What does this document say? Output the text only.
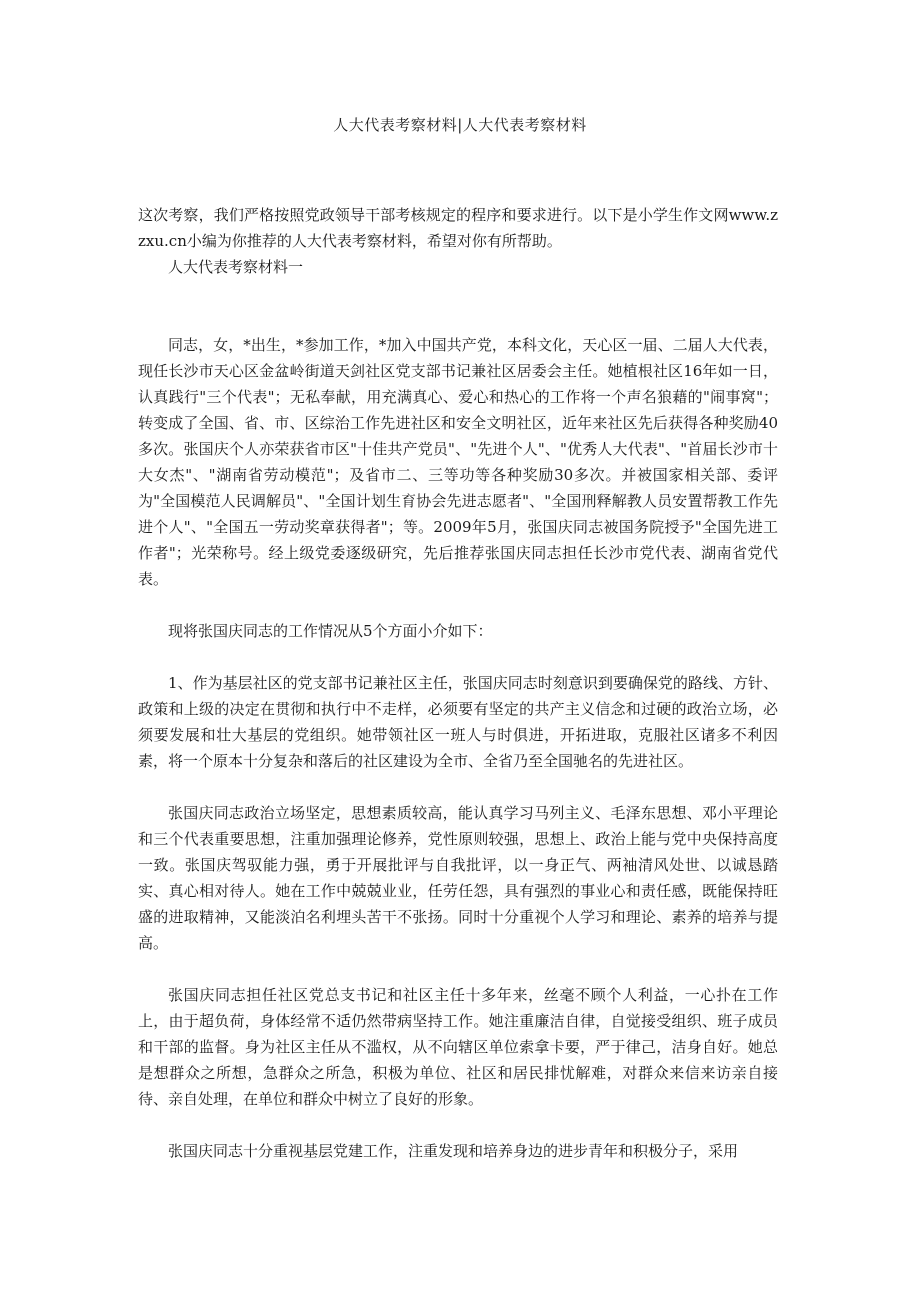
人大代表考察材料|人大代表考察材料

这次考察，我们严格按照党政领导干部考核规定的程序和要求进行。以下是小学生作文网www.zzxu.cn小编为你推荐的人大代表考察材料，希望对你有所帮助。

人大代表考察材料一

同志，女，*出生，*参加工作，*加入中国共产党，本科文化，天心区一届、二届人大代表，现任长沙市天心区金盆岭街道天剑社区党支部书记兼社区居委会主任。她植根社区16年如一日，认真践行"三个代表"；无私奉献，用充满真心、爱心和热心的工作将一个声名狼藉的"闹事窝"；转变成了全国、省、市、区综治工作先进社区和安全文明社区，近年来社区先后获得各种奖励40多次。张国庆个人亦荣获省市区"十佳共产党员"、"先进个人"、"优秀人大代表"、"首届长沙市十大女杰"、"湖南省劳动模范"；及省市二、三等功等各种奖励30多次。并被国家相关部、委评为"全国模范人民调解员"、"全国计划生育协会先进志愿者"、"全国刑释解教人员安置帮教工作先进个人"、"全国五一劳动奖章获得者"；等。2009年5月，张国庆同志被国务院授予"全国先进工作者"；光荣称号。经上级党委逐级研究，先后推荐张国庆同志担任长沙市党代表、湖南省党代表。

现将张国庆同志的工作情况从5个方面小介如下：

1、作为基层社区的党支部书记兼社区主任，张国庆同志时刻意识到要确保党的路线、方针、政策和上级的决定在贯彻和执行中不走样，必须要有坚定的共产主义信念和过硬的政治立场，必须要发展和壮大基层的党组织。她带领社区一班人与时俱进，开拓进取，克服社区诸多不利因素，将一个原本十分复杂和落后的社区建设为全市、全省乃至全国驰名的先进社区。

张国庆同志政治立场坚定，思想素质较高，能认真学习马列主义、毛泽东思想、邓小平理论和三个代表重要思想，注重加强理论修养，党性原则较强，思想上、政治上能与党中央保持高度一致。张国庆驾驭能力强，勇于开展批评与自我批评，以一身正气、两袖清风处世、以诚恳踏实、真心相对待人。她在工作中兢兢业业，任劳任怨，具有强烈的事业心和责任感，既能保持旺盛的进取精神，又能淡泊名利埋头苦干不张扬。同时十分重视个人学习和理论、素养的培养与提高。

张国庆同志担任社区党总支书记和社区主任十多年来，丝毫不顾个人利益，一心扑在工作上，由于超负荷，身体经常不适仍然带病坚持工作。她注重廉洁自律，自觉接受组织、班子成员和干部的监督。身为社区主任从不滥权，从不向辖区单位索拿卡要，严于律己，洁身自好。她总是想群众之所想，急群众之所急，积极为单位、社区和居民排忧解难，对群众来信来访亲自接待、亲自处理，在单位和群众中树立了良好的形象。

张国庆同志十分重视基层党建工作，注重发现和培养身边的进步青年和积极分子，采用
